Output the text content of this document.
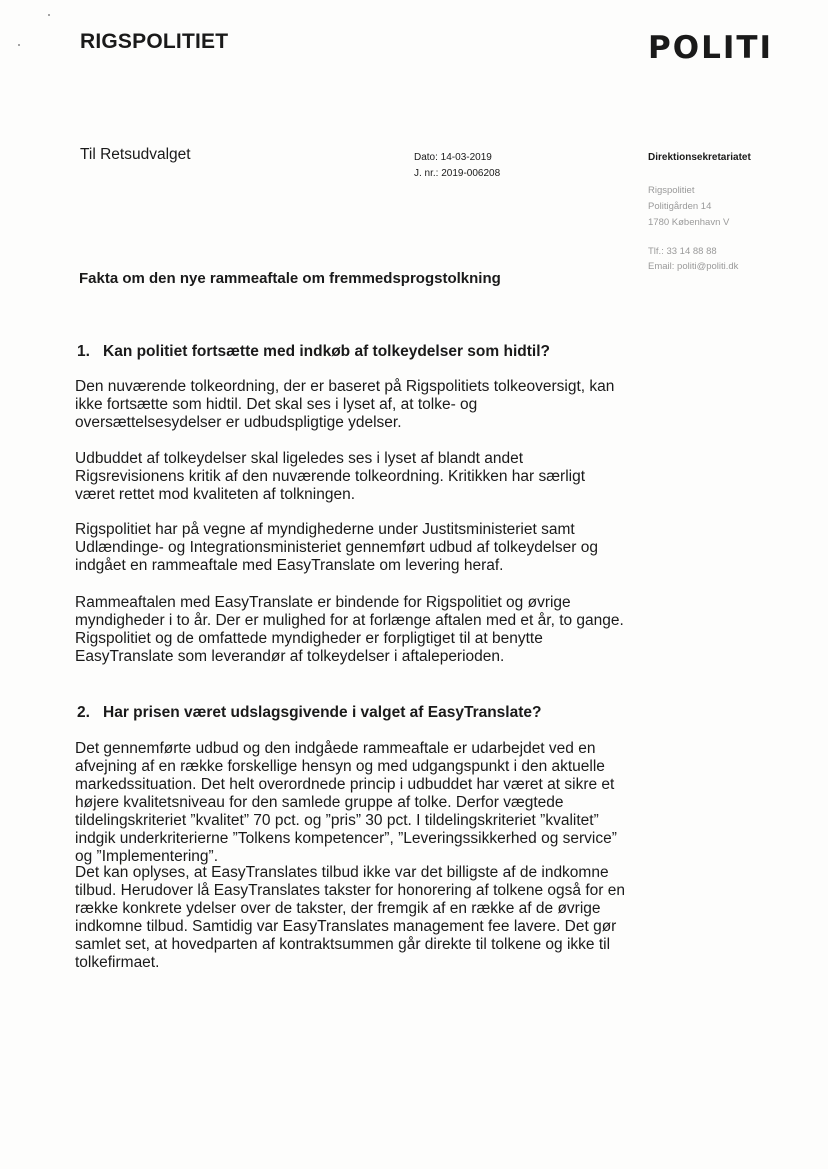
RIGSPOLITIET	POLITI
Til Retsudvalget	Dato: 14-03-2019
J. nr.: 2019-006208
Direktionsekretariatet
Rigspolitiet
Politigården 14
1780 København V
Tlf.: 33 14 88 88
Email: politi@politi.dk
Fakta om den nye rammeaftale om fremmedsprogstolkning
1. Kan politiet fortsætte med indkøb af tolkeydelser som hidtil?

Den nuværende tolkeordning, der er baseret på Rigspolitiets tolkeoversigt, kan ikke fortsætte som hidtil. Det skal ses i lyset af, at tolke- og oversættelsesydelser er udbudspligtige ydelser.

Udbuddet af tolkeydelser skal ligeledes ses i lyset af blandt andet Rigsrevisionens kritik af den nuværende tolkeordning. Kritikken har særligt været rettet mod kvaliteten af tolkningen.

Rigspolitiet har på vegne af myndighederne under Justitsministeriet samt Udlændinge- og Integrationsministeriet gennemført udbud af tolkeydelser og indgået en rammeaftale med EasyTranslate om levering heraf.

Rammeaftalen med EasyTranslate er bindende for Rigspolitiet og øvrige myndigheder i to år. Der er mulighed for at forlænge aftalen med et år, to gange. Rigspolitiet og de omfattede myndigheder er forpligtiget til at benytte EasyTranslate som leverandør af tolkeydelser i aftaleperioden.

2. Har prisen været udslagsgivende i valget af EasyTranslate?

Det gennemførte udbud og den indgåede rammeaftale er udarbejdet ved en afvejning af en række forskellige hensyn og med udgangspunkt i den aktuelle markedssituation. Det helt overordnede princip i udbuddet har været at sikre et højere kvalitetsniveau for den samlede gruppe af tolke. Derfor vægtede tildelingskriteriet ”kvalitet” 70 pct. og ”pris” 30 pct. I tildelingskriteriet ”kvalitet” indgik underkriterierne ”Tolkens kompetencer”, ”Leveringssikkerhed og service” og ”Implementering”.

Det kan oplyses, at EasyTranslates tilbud ikke var det billigste af de indkomne tilbud. Herudover lå EasyTranslates takster for honorering af tolkene også for en række konkrete ydelser over de takster, der fremgik af en række af de øvrige indkomne tilbud. Samtidig var EasyTranslates management fee lavere. Det gør samlet set, at hovedparten af kontraktsummen går direkte til tolkene og ikke til tolkefirmaet.
